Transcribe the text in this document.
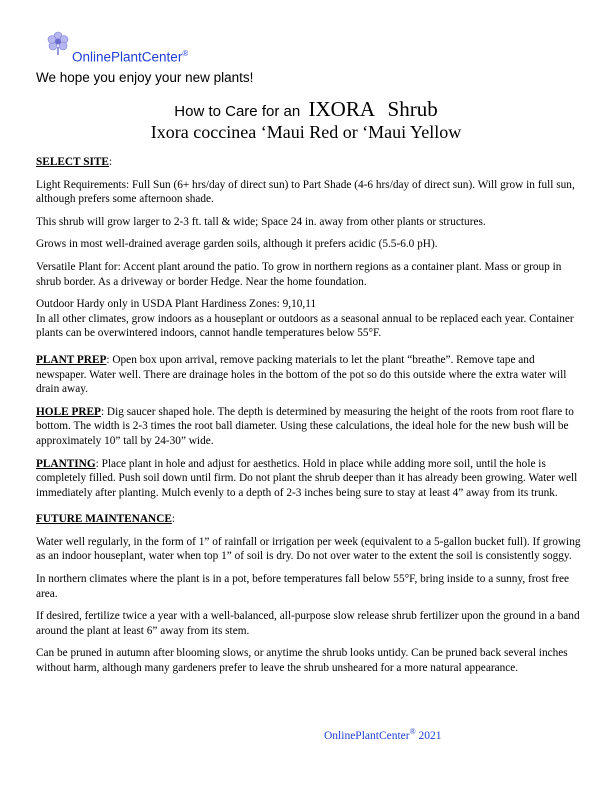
OnlinePlantCenter®
We hope you enjoy your new plants!
How to Care for an IXORA Shrub
Ixora coccinea ‘Maui Red or ‘Maui Yellow

SELECT SITE:

Light Requirements: Full Sun (6+ hrs/day of direct sun) to Part Shade (4-6 hrs/day of direct sun). Will grow in full sun, although prefers some afternoon shade.

This shrub will grow larger to 2-3 ft. tall & wide; Space 24 in. away from other plants or structures.

Grows in most well-drained average garden soils, although it prefers acidic (5.5-6.0 pH).

Versatile Plant for: Accent plant around the patio. To grow in northern regions as a container plant. Mass or group in shrub border. As a driveway or border Hedge. Near the home foundation.

Outdoor Hardy only in USDA Plant Hardiness Zones: 9,10,11
In all other climates, grow indoors as a houseplant or outdoors as a seasonal annual to be replaced each year. Container plants can be overwintered indoors, cannot handle temperatures below 55°F.

PLANT PREP: Open box upon arrival, remove packing materials to let the plant “breathe”. Remove tape and newspaper. Water well. There are drainage holes in the bottom of the pot so do this outside where the extra water will drain away.

HOLE PREP: Dig saucer shaped hole. The depth is determined by measuring the height of the roots from root flare to bottom. The width is 2-3 times the root ball diameter. Using these calculations, the ideal hole for the new bush will be approximately 10” tall by 24-30” wide.

PLANTING: Place plant in hole and adjust for aesthetics. Hold in place while adding more soil, until the hole is completely filled. Push soil down until firm. Do not plant the shrub deeper than it has already been growing. Water well immediately after planting. Mulch evenly to a depth of 2-3 inches being sure to stay at least 4” away from its trunk.

FUTURE MAINTENANCE:

Water well regularly, in the form of 1” of rainfall or irrigation per week (equivalent to a 5-gallon bucket full). If growing as an indoor houseplant, water when top 1” of soil is dry. Do not over water to the extent the soil is consistently soggy.

In northern climates where the plant is in a pot, before temperatures fall below 55°F, bring inside to a sunny, frost free area.

If desired, fertilize twice a year with a well-balanced, all-purpose slow release shrub fertilizer upon the ground in a band around the plant at least 6” away from its stem.

Can be pruned in autumn after blooming slows, or anytime the shrub looks untidy. Can be pruned back several inches without harm, although many gardeners prefer to leave the shrub unsheared for a more natural appearance.

OnlinePlantCenter® 2021
